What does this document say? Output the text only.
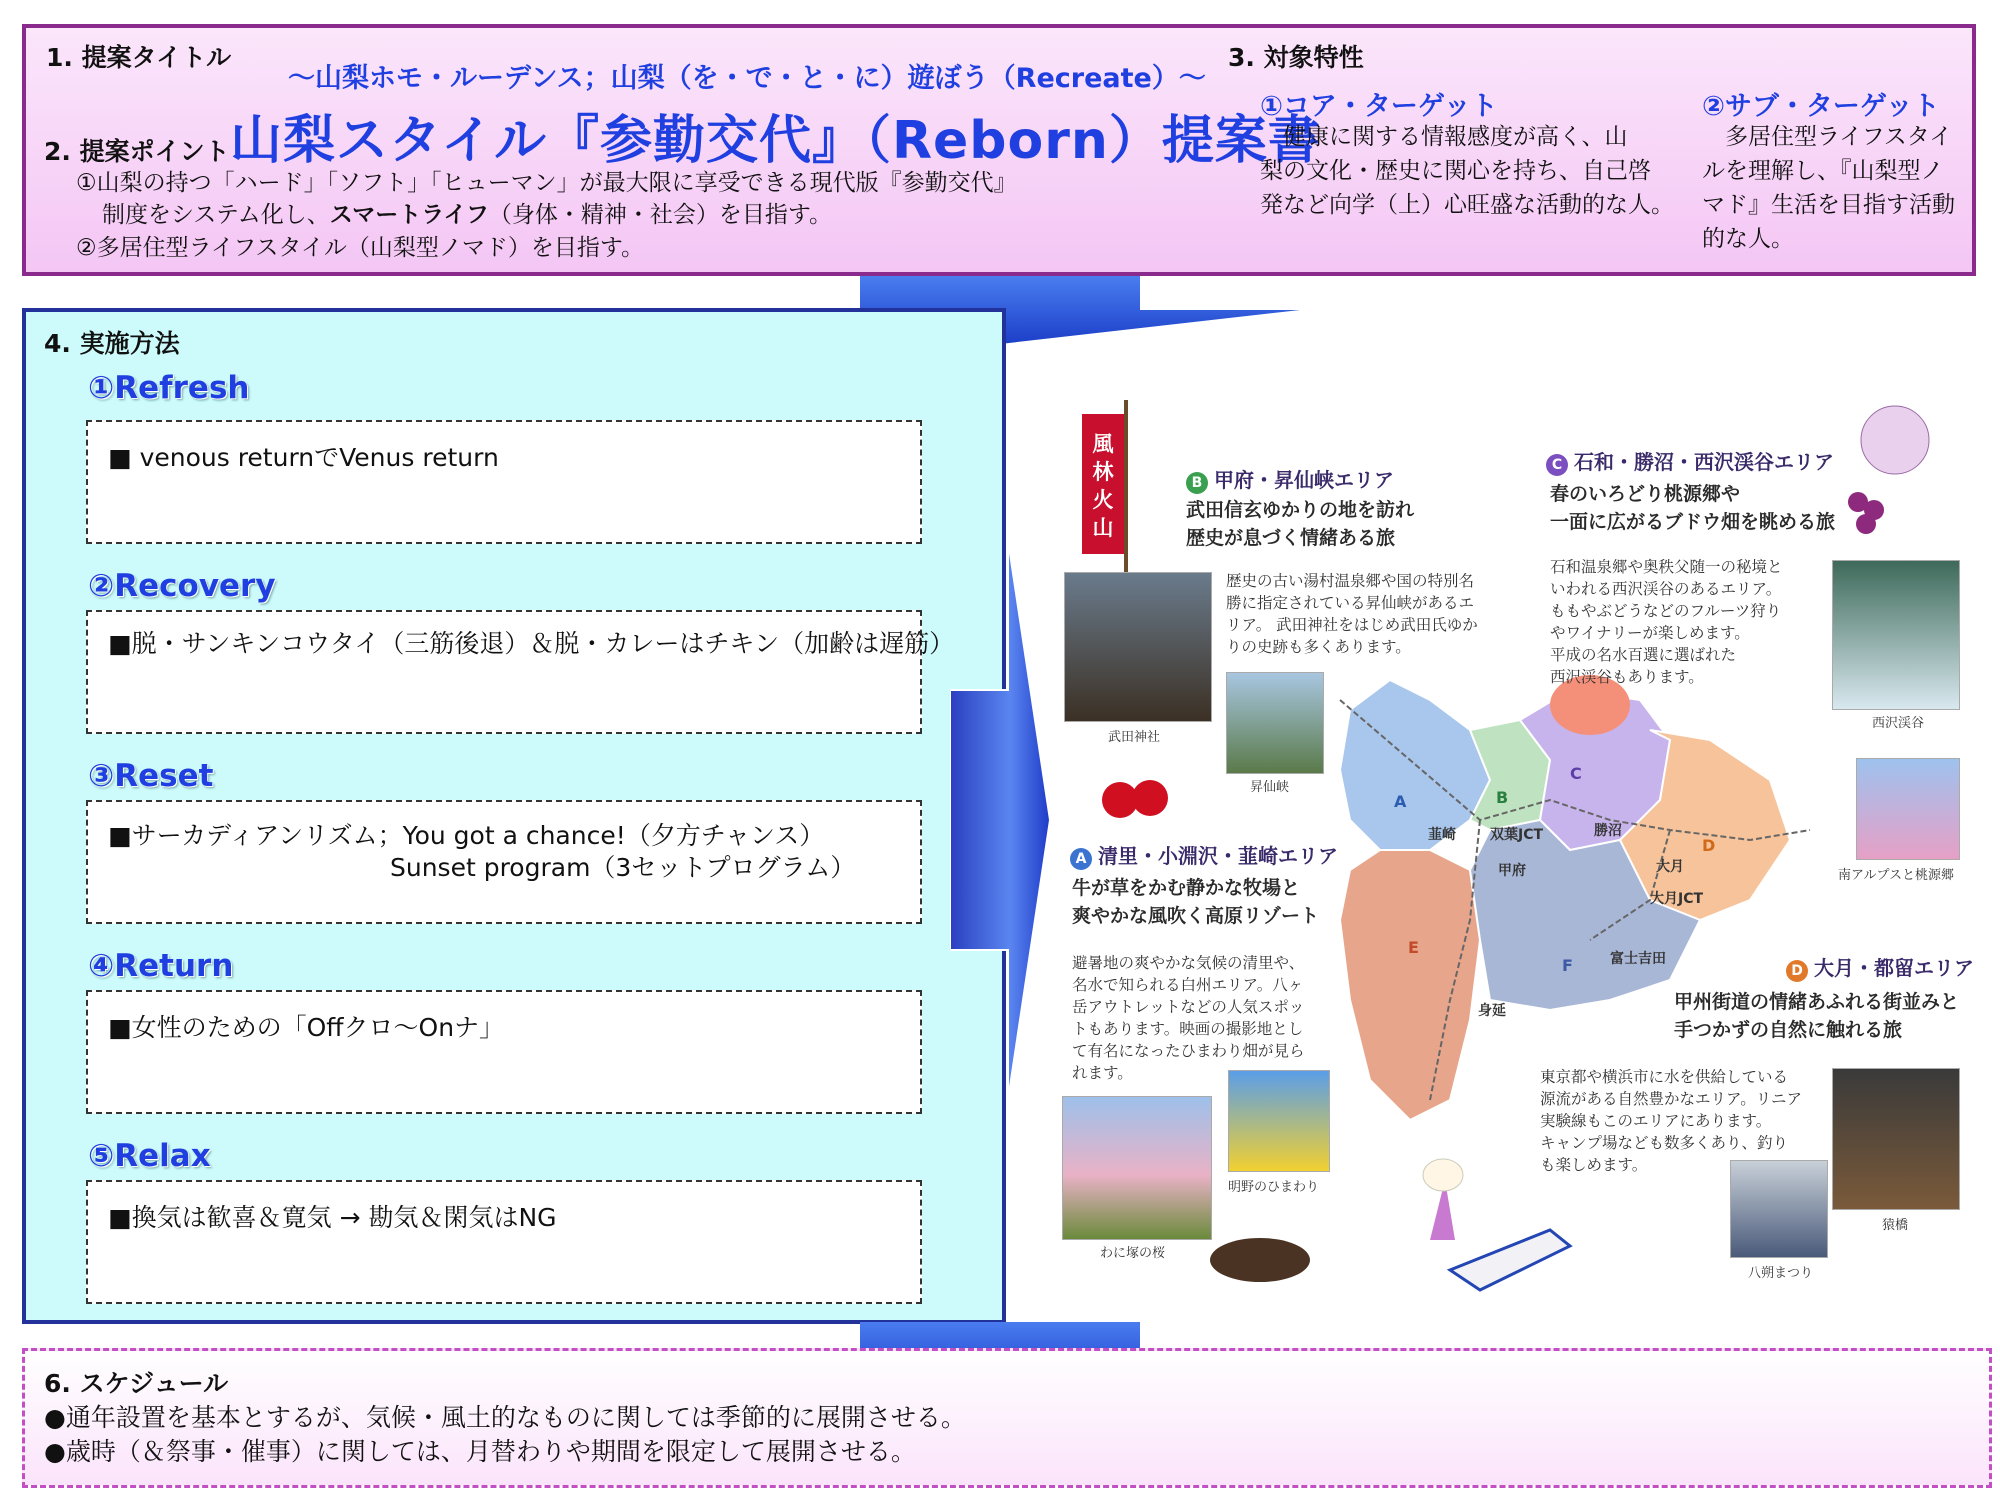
1. 提案タイトル
～山梨ホモ・ルーデンス；山梨（を・で・と・に）遊ぼう（Recreate）～
2. 提案ポイント 山梨スタイル『参勤交代』（Reborn）提案書
①山梨の持つ「ハード」「ソフト」「ヒューマン」が最大限に享受できる現代版『参勤交代』
制度をシステム化し、スマートライフ（身体・精神・社会）を目指す。
②多居住型ライフスタイル（山梨型ノマド）を目指す。
3. 対象特性
①コア・ターゲット
　健康に関する情報感度が高く、山
梨の文化・歴史に関心を持ち、自己啓
発など向学（上）心旺盛な活動的な人。
②サブ・ターゲット
　多居住型ライフスタイ
ルを理解し、『山梨型ノ
マド』生活を目指す活動
的な人。
4. 実施方法
①Refresh
■ venous returnでVenus return
②Recovery
■脱・サンキンコウタイ（三筋後退）＆脱・カレーはチキン（加齢は遅筋）
③Reset
■サーカディアンリズム；You got a chance!（夕方チャンス）
Sunset program（3セットプログラム）
④Return
■女性のための「Offクロ～Onナ」
⑤Relax
■換気は歓喜＆寛気 → 勘気＆閑気はNG
風林火山
武田神社
昇仙峡
西沢渓谷
南アルプスと桃源郷
明野のひまわり
わに塚の桜
猿橋
八朔まつり
B 甲府・昇仙峡エリア
武田信玄ゆかりの地を訪れ
歴史が息づく情緒ある旅
歴史の古い湯村温泉郷や国の特別名
勝に指定されている昇仙峡があるエ
リア。 武田神社をはじめ武田氏ゆか
りの史跡も多くあります。
C 石和・勝沼・西沢渓谷エリア
春のいろどり桃源郷や
一面に広がるブドウ畑を眺める旅
石和温泉郷や奥秩父随一の秘境と
いわれる西沢渓谷のあるエリア。
ももやぶどうなどのフルーツ狩り
やワイナリーが楽しめます。
平成の名水百選に選ばれた
西沢渓谷もあります。
A 清里・小淵沢・韮崎エリア
牛が草をかむ静かな牧場と
爽やかな風吹く高原リゾート
避暑地の爽やかな気候の清里や、
名水で知られる白州エリア。八ヶ
岳アウトレットなどの人気スポッ
トもあります。映画の撮影地とし
て有名になったひまわり畑が見ら
れます。
D 大月・都留エリア
甲州街道の情緒あふれる街並みと
手つかずの自然に触れる旅
東京都や横浜市に水を供給している
源流がある自然豊かなエリア。リニア
実験線もこのエリアにあります。
キャンプ場なども数多くあり、釣り
も楽しめます。
A	B
C
D
E
F
韮崎 双葉JCT
甲府
勝沼
大月
大月JCT
富士吉田
身延
6. スケジュール
●通年設置を基本とするが、気候・風土的なものに関しては季節的に展開させる。
●歳時（＆祭事・催事）に関しては、月替わりや期間を限定して展開させる。
